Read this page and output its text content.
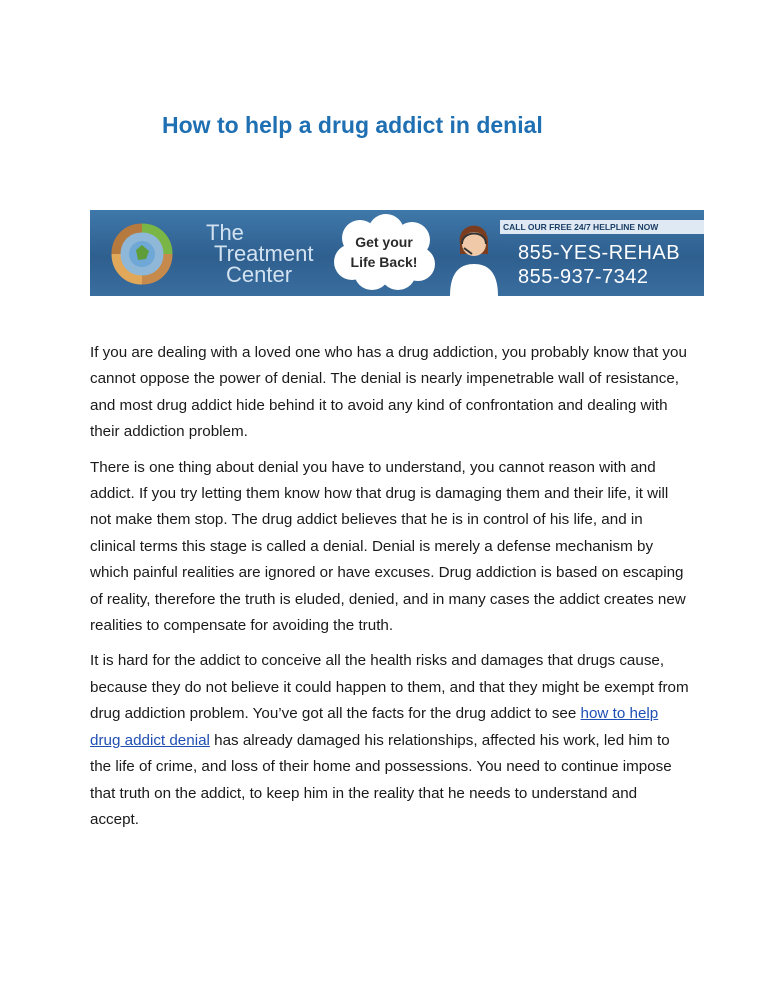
How to help a drug addict in denial
The
Treatment
Center
Get your
Life Back!
CALL OUR FREE 24/7 HELPLINE NOW
855-YES-REHAB
855-937-7342

If you are dealing with a loved one who has a drug addiction, you probably know that you cannot oppose the power of denial. The denial is nearly impenetrable wall of resistance, and most drug addict hide behind it to avoid any kind of confrontation and dealing with their addiction problem.

There is one thing about denial you have to understand, you cannot reason with and addict. If you try letting them know how that drug is damaging them and their life, it will not make them stop. The drug addict believes that he is in control of his life, and in clinical terms this stage is called a denial. Denial is merely a defense mechanism by which painful realities are ignored or have excuses. Drug addiction is based on escaping of reality, therefore the truth is eluded, denied, and in many cases the addict creates new realities to compensate for avoiding the truth.

It is hard for the addict to conceive all the health risks and damages that drugs cause, because they do not believe it could happen to them, and that they might be exempt from drug addiction problem. You’ve got all the facts for the drug addict to see how to help drug addict denial has already damaged his relationships, affected his work, led him to the life of crime, and loss of their home and possessions. You need to continue impose that truth on the addict, to keep him in the reality that he needs to understand and accept.
